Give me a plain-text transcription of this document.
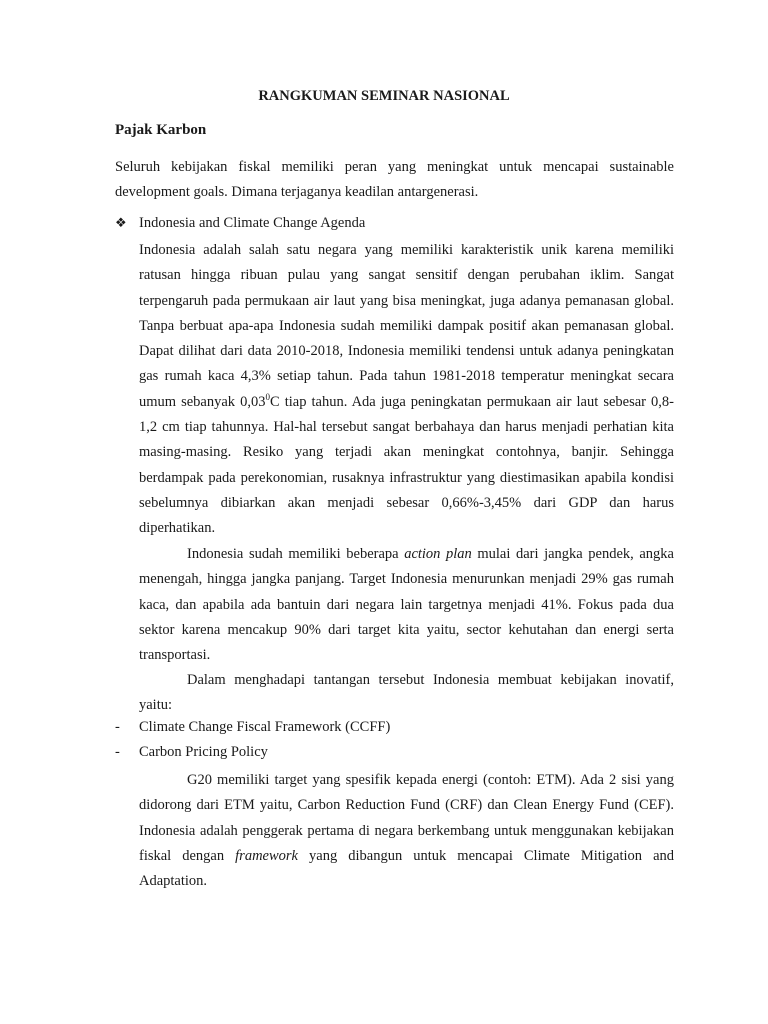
RANGKUMAN SEMINAR NASIONAL
Pajak Karbon

Seluruh kebijakan fiskal memiliki peran yang meningkat untuk mencapai sustainable development goals. Dimana terjaganya keadilan antargenerasi.

❖ Indonesia and Climate Change Agenda

Indonesia adalah salah satu negara yang memiliki karakteristik unik karena memiliki ratusan hingga ribuan pulau yang sangat sensitif dengan perubahan iklim. Sangat terpengaruh pada permukaan air laut yang bisa meningkat, juga adanya pemanasan global. Tanpa berbuat apa-apa Indonesia sudah memiliki dampak positif akan pemanasan global. Dapat dilihat dari data 2010-2018, Indonesia memiliki tendensi untuk adanya peningkatan gas rumah kaca 4,3% setiap tahun. Pada tahun 1981-2018 temperatur meningkat secara umum sebanyak 0,03$^0$C tiap tahun. Ada juga peningkatan permukaan air laut sebesar 0,8-1,2 cm tiap tahunnya. Hal-hal tersebut sangat berbahaya dan harus menjadi perhatian kita masing-masing. Resiko yang terjadi akan meningkat contohnya, banjir. Sehingga berdampak pada perekonomian, rusaknya infrastruktur yang diestimasikan apabila kondisi sebelumnya dibiarkan akan menjadi sebesar 0,66%-3,45% dari GDP dan harus diperhatikan.

Indonesia sudah memiliki beberapa action plan mulai dari jangka pendek, angka menengah, hingga jangka panjang. Target Indonesia menurunkan menjadi 29% gas rumah kaca, dan apabila ada bantuin dari negara lain targetnya menjadi 41%. Fokus pada dua sektor karena mencakup 90% dari target kita yaitu, sector kehutahan dan energi serta transportasi.

Dalam menghadapi tantangan tersebut Indonesia membuat kebijakan inovatif, yaitu:

- Climate Change Fiscal Framework (CCFF)
- Carbon Pricing Policy

G20 memiliki target yang spesifik kepada energi (contoh: ETM). Ada 2 sisi yang didorong dari ETM yaitu, Carbon Reduction Fund (CRF) dan Clean Energy Fund (CEF). Indonesia adalah penggerak pertama di negara berkembang untuk menggunakan kebijakan fiskal dengan framework yang dibangun untuk mencapai Climate Mitigation and Adaptation.
